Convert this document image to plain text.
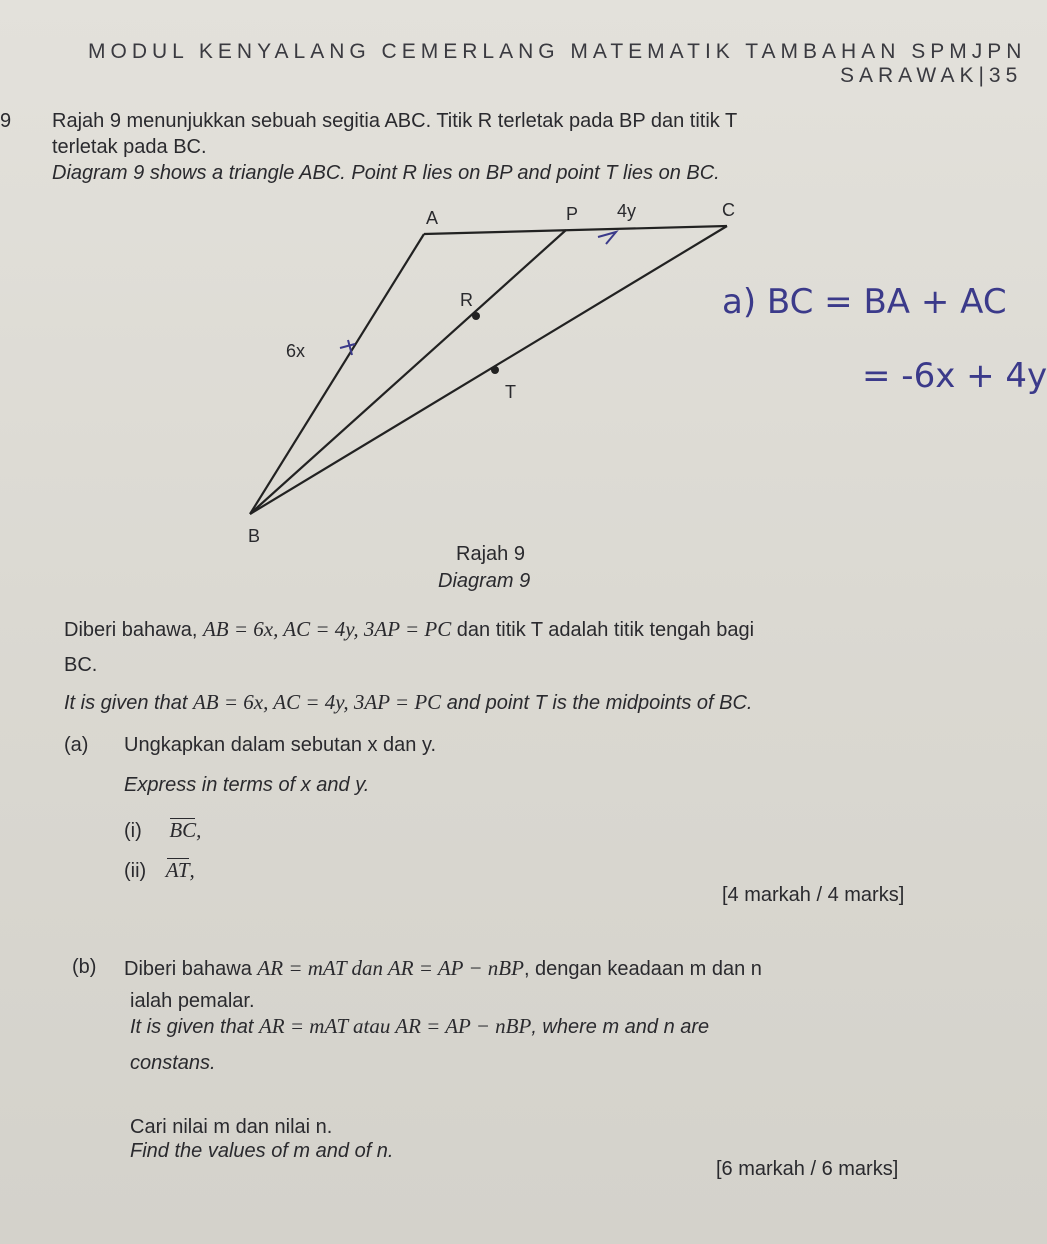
MODUL KENYALANG CEMERLANG MATEMATIK TAMBAHAN SPMJPN
SARAWAK|35
9 Rajah 9 menunjukkan sebuah segitia ABC. Titik R terletak pada BP dan titik T
terletak pada BC.
Diagram 9 shows a triangle ABC. Point R lies on BP and point T lies on BC.
A	P	C
R
T
B
4y
6x
a) BC = BA + AC
= -6x + 4y
Rajah 9
Diagram 9
Diberi bahawa, AB = 6x, AC = 4y, 3AP = PC dan titik T adalah titik tengah bagi
BC.
It is given that AB = 6x, AC = 4y, 3AP = PC and point T is the midpoints of BC.
(a) Ungkapkan dalam sebutan x dan y.
Express in terms of x and y.
(i) BC,
(ii) AT,
[4 markah / 4 marks]
(b) Diberi bahawa AR = mAT dan AR = AP − nBP, dengan keadaan m dan n
ialah pemalar.
It is given that AR = mAT atau AR = AP − nBP, where m and n are
constans.
Cari nilai m dan nilai n.
Find the values of m and of n.
[6 markah / 6 marks]
